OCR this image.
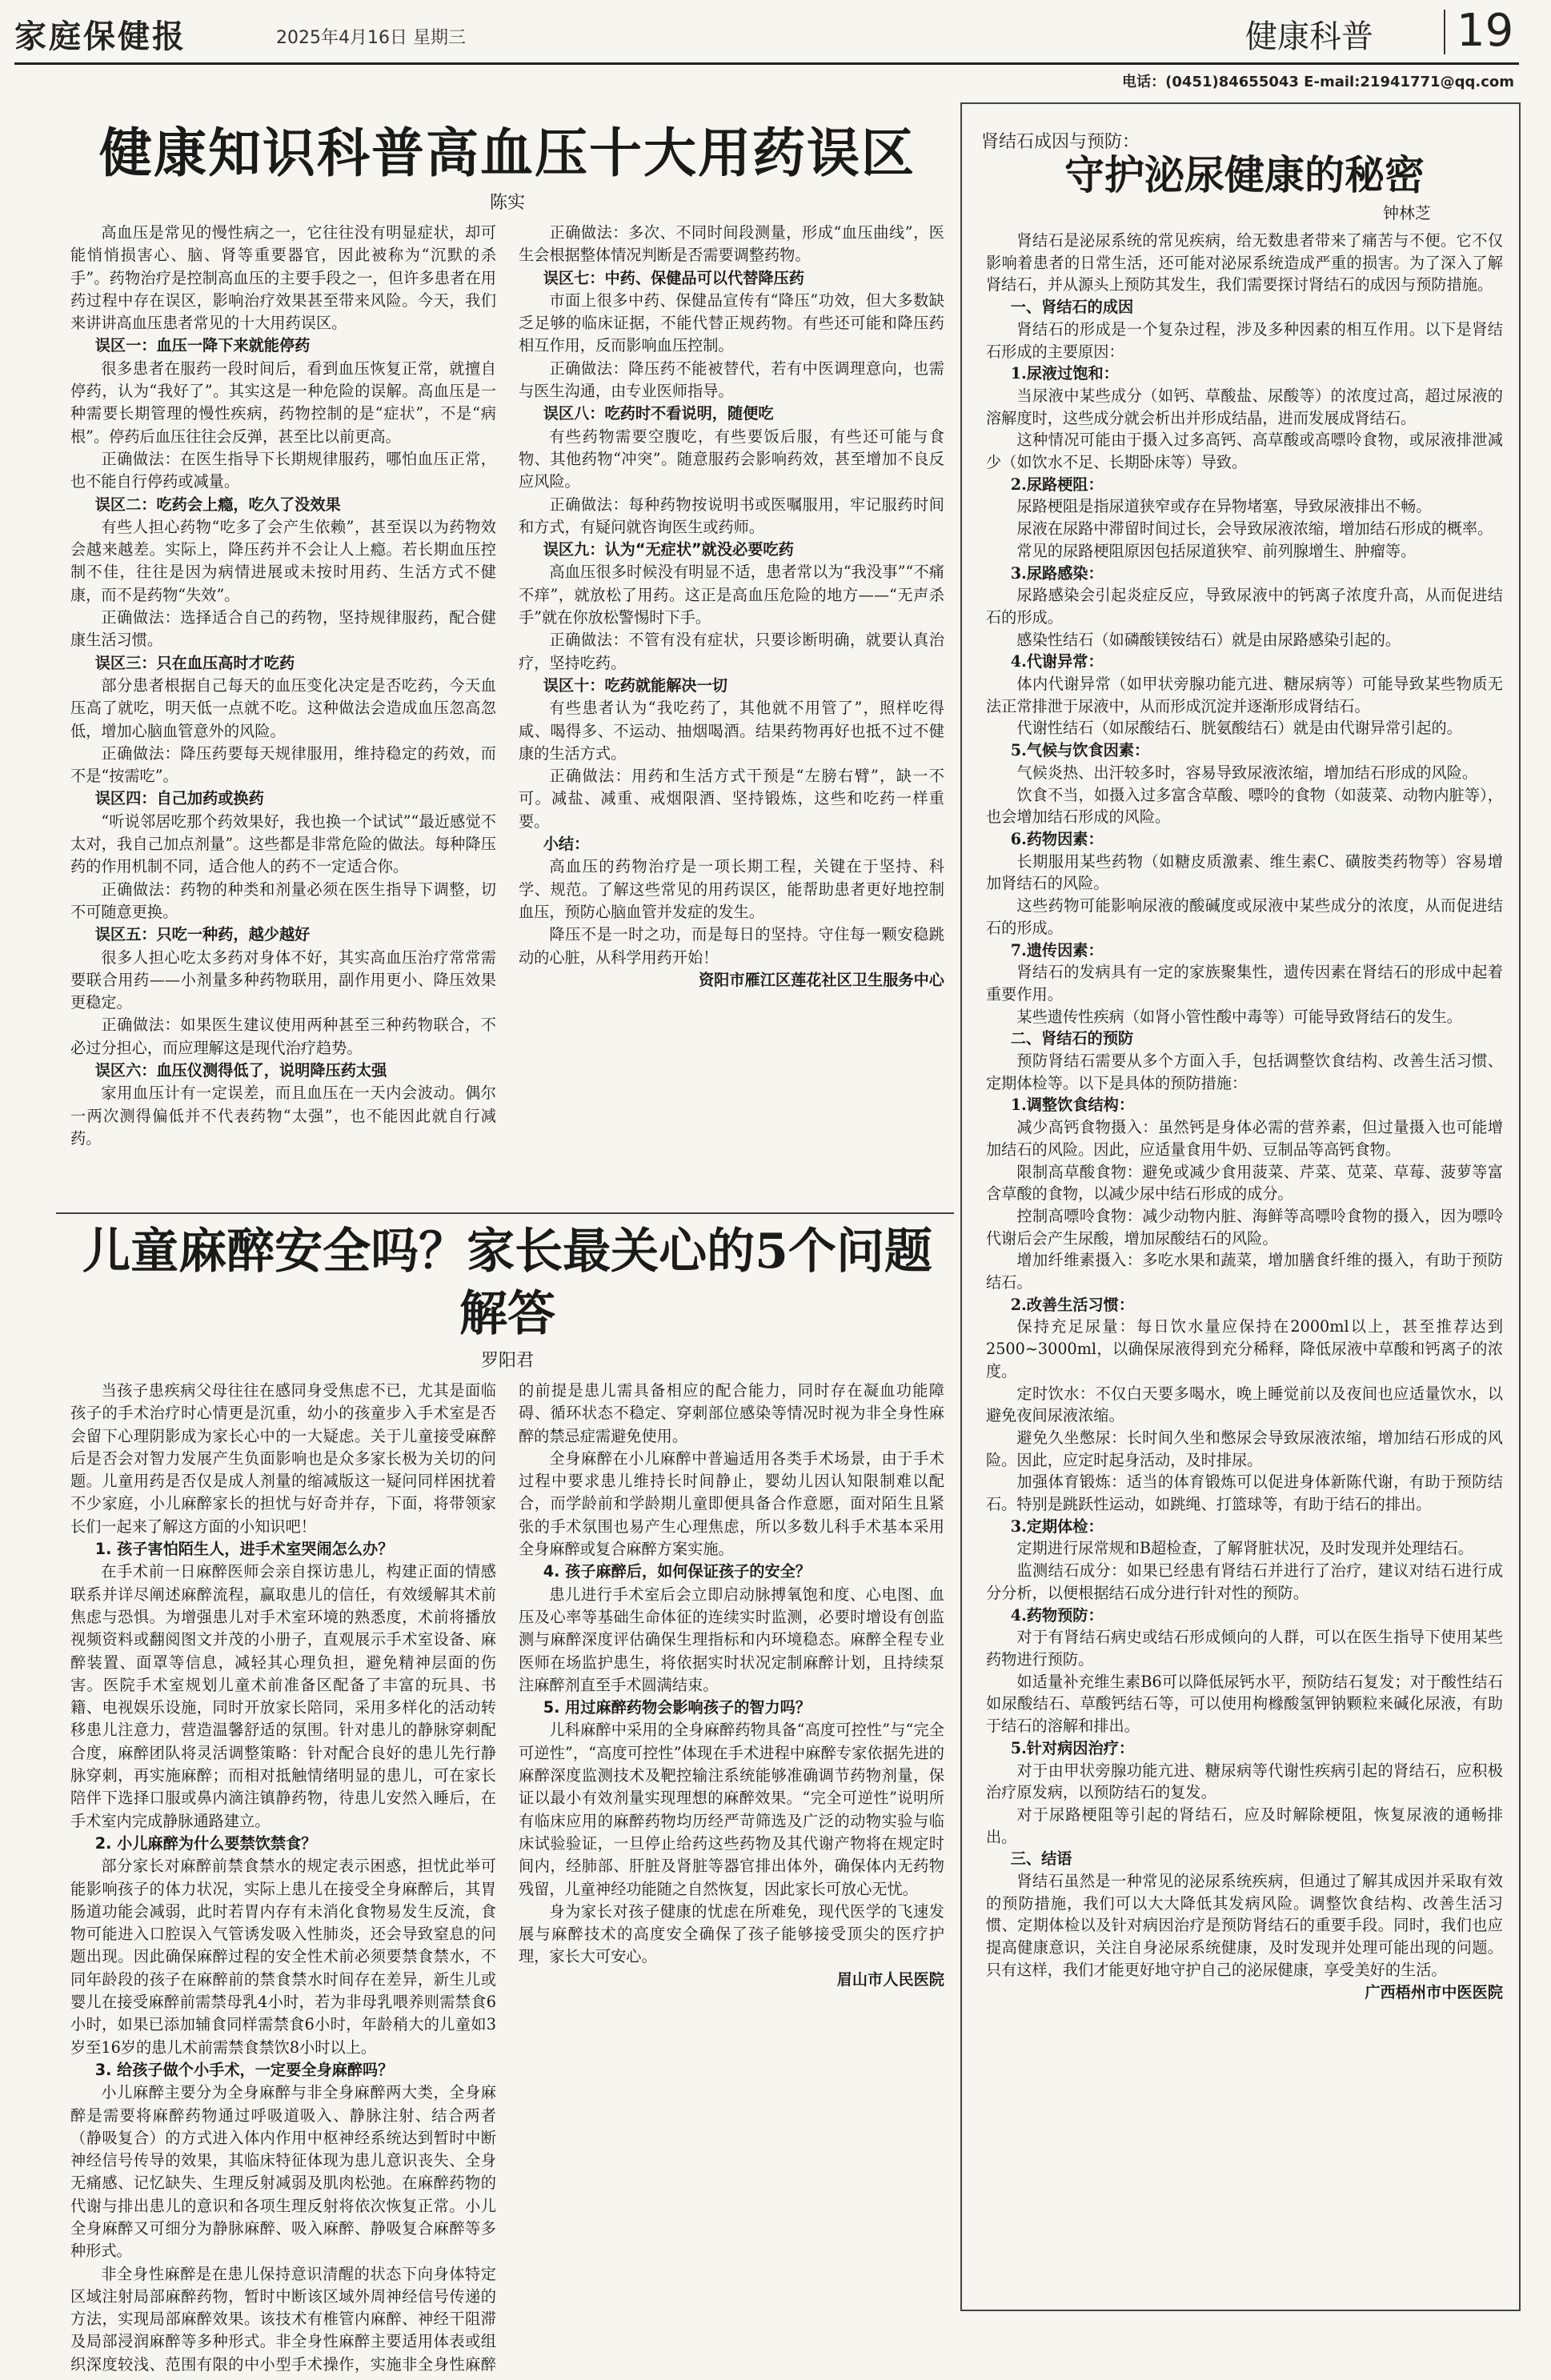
家庭保健报	2025年4月16日 星期三	健康科普 19
电话：(0451)84655043 E-mail:21941771@qq.com
健康知识科普高血压十大用药误区
陈实

高血压是常见的慢性病之一，它往往没有明显症状，却可能悄悄损害心、脑、肾等重要器官，因此被称为“沉默的杀手”。药物治疗是控制高血压的主要手段之一，但许多患者在用药过程中存在误区，影响治疗效果甚至带来风险。今天，我们来讲讲高血压患者常见的十大用药误区。

误区一：血压一降下来就能停药

很多患者在服药一段时间后，看到血压恢复正常，就擅自停药，认为“我好了”。其实这是一种危险的误解。高血压是一种需要长期管理的慢性疾病，药物控制的是“症状”，不是“病根”。停药后血压往往会反弹，甚至比以前更高。

正确做法：在医生指导下长期规律服药，哪怕血压正常，也不能自行停药或减量。

误区二：吃药会上瘾，吃久了没效果

有些人担心药物“吃多了会产生依赖”，甚至误以为药物效会越来越差。实际上，降压药并不会让人上瘾。若长期血压控制不佳，往往是因为病情进展或未按时用药、生活方式不健康，而不是药物“失效”。

正确做法：选择适合自己的药物，坚持规律服药，配合健康生活习惯。

误区三：只在血压高时才吃药

部分患者根据自己每天的血压变化决定是否吃药，今天血压高了就吃，明天低一点就不吃。这种做法会造成血压忽高忽低，增加心脑血管意外的风险。

正确做法：降压药要每天规律服用，维持稳定的药效，而不是“按需吃”。

误区四：自己加药或换药

“听说邻居吃那个药效果好，我也换一个试试”“最近感觉不太对，我自己加点剂量”。这些都是非常危险的做法。每种降压药的作用机制不同，适合他人的药不一定适合你。

正确做法：药物的种类和剂量必须在医生指导下调整，切不可随意更换。

误区五：只吃一种药，越少越好

很多人担心吃太多药对身体不好，其实高血压治疗常常需要联合用药——小剂量多种药物联用，副作用更小、降压效果更稳定。

正确做法：如果医生建议使用两种甚至三种药物联合，不必过分担心，而应理解这是现代治疗趋势。

误区六：血压仪测得低了，说明降压药太强

家用血压计有一定误差，而且血压在一天内会波动。偶尔一两次测得偏低并不代表药物“太强”，也不能因此就自行减药。

正确做法：多次、不同时间段测量，形成“血压曲线”，医生会根据整体情况判断是否需要调整药物。

误区七：中药、保健品可以代替降压药

市面上很多中药、保健品宣传有“降压”功效，但大多数缺乏足够的临床证据，不能代替正规药物。有些还可能和降压药相互作用，反而影响血压控制。

正确做法：降压药不能被替代，若有中医调理意向，也需与医生沟通，由专业医师指导。

误区八：吃药时不看说明，随便吃

有些药物需要空腹吃，有些要饭后服，有些还可能与食物、其他药物“冲突”。随意服药会影响药效，甚至增加不良反应风险。

正确做法：每种药物按说明书或医嘱服用，牢记服药时间和方式，有疑问就咨询医生或药师。

误区九：认为“无症状”就没必要吃药

高血压很多时候没有明显不适，患者常以为“我没事”“不痛不痒”，就放松了用药。这正是高血压危险的地方——“无声杀手”就在你放松警惕时下手。

正确做法：不管有没有症状，只要诊断明确，就要认真治疗，坚持吃药。

误区十：吃药就能解决一切

有些患者认为“我吃药了，其他就不用管了”，照样吃得咸、喝得多、不运动、抽烟喝酒。结果药物再好也抵不过不健康的生活方式。

正确做法：用药和生活方式干预是“左膀右臂”，缺一不可。减盐、减重、戒烟限酒、坚持锻炼，这些和吃药一样重要。

小结：

高血压的药物治疗是一项长期工程，关键在于坚持、科学、规范。了解这些常见的用药误区，能帮助患者更好地控制血压，预防心脑血管并发症的发生。

降压不是一时之功，而是每日的坚持。守住每一颗安稳跳动的心脏，从科学用药开始！

资阳市雁江区莲花社区卫生服务中心

儿童麻醉安全吗？家长最关心的5个问题解答
罗阳君

当孩子患疾病父母往往在感同身受焦虑不已，尤其是面临孩子的手术治疗时心情更是沉重，幼小的孩童步入手术室是否会留下心理阴影成为家长心中的一大疑虑。关于儿童接受麻醉后是否会对智力发展产生负面影响也是众多家长极为关切的问题。儿童用药是否仅是成人剂量的缩减版这一疑问同样困扰着不少家庭，小儿麻醉家长的担忧与好奇并存，下面，将带领家长们一起来了解这方面的小知识吧！

1. 孩子害怕陌生人，进手术室哭闹怎么办？

在手术前一日麻醉医师会亲自探访患儿，构建正面的情感联系并详尽阐述麻醉流程，赢取患儿的信任，有效缓解其术前焦虑与恐惧。为增强患儿对手术室环境的熟悉度，术前将播放视频资料或翻阅图文并茂的小册子，直观展示手术室设备、麻醉装置、面罩等信息，减轻其心理负担，避免精神层面的伤害。医院手术室规划儿童术前准备区配备了丰富的玩具、书籍、电视娱乐设施，同时开放家长陪同，采用多样化的活动转移患儿注意力，营造温馨舒适的氛围。针对患儿的静脉穿刺配合度，麻醉团队将灵活调整策略：针对配合良好的患儿先行静脉穿刺，再实施麻醉；而相对抵触情绪明显的患儿，可在家长陪伴下选择口服或鼻内滴注镇静药物，待患儿安然入睡后，在手术室内完成静脉通路建立。

2. 小儿麻醉为什么要禁饮禁食？

部分家长对麻醉前禁食禁水的规定表示困惑，担忧此举可能影响孩子的体力状况，实际上患儿在接受全身麻醉后，其胃肠道功能会减弱，此时若胃内存有未消化食物易发生反流，食物可能进入口腔误入气管诱发吸入性肺炎，还会导致窒息的问题出现。因此确保麻醉过程的安全性术前必须要禁食禁水，不同年龄段的孩子在麻醉前的禁食禁水时间存在差异，新生儿或婴儿在接受麻醉前需禁母乳4小时，若为非母乳喂养则需禁食6小时，如果已添加辅食同样需禁食6小时，年龄稍大的儿童如3岁至16岁的患儿术前需禁食禁饮8小时以上。

3. 给孩子做个小手术，一定要全身麻醉吗？

小儿麻醉主要分为全身麻醉与非全身麻醉两大类，全身麻醉是需要将麻醉药物通过呼吸道吸入、静脉注射、结合两者（静吸复合）的方式进入体内作用中枢神经系统达到暂时中断神经信号传导的效果，其临床特征体现为患儿意识丧失、全身无痛感、记忆缺失、生理反射减弱及肌肉松弛。在麻醉药物的代谢与排出患儿的意识和各项生理反射将依次恢复正常。小儿全身麻醉又可细分为静脉麻醉、吸入麻醉、静吸复合麻醉等多种形式。

非全身性麻醉是在患儿保持意识清醒的状态下向身体特定区域注射局部麻醉药物，暂时中断该区域外周神经信号传递的方法，实现局部麻醉效果。该技术有椎管内麻醉、神经干阻滞及局部浸润麻醉等多种形式。非全身性麻醉主要适用体表或组织深度较浅、范围有限的中小型手术操作，实施非全身性麻醉的前提是患儿需具备相应的配合能力，同时存在凝血功能障碍、循环状态不稳定、穿刺部位感染等情况时视为非全身性麻醉的禁忌症需避免使用。

全身麻醉在小儿麻醉中普遍适用各类手术场景，由于手术过程中要求患儿维持长时间静止，婴幼儿因认知限制难以配合，而学龄前和学龄期儿童即便具备合作意愿，面对陌生且紧张的手术氛围也易产生心理焦虑，所以多数儿科手术基本采用全身麻醉或复合麻醉方案实施。

4. 孩子麻醉后，如何保证孩子的安全？

患儿进行手术室后会立即启动脉搏氧饱和度、心电图、血压及心率等基础生命体征的连续实时监测，必要时增设有创监测与麻醉深度评估确保生理指标和内环境稳态。麻醉全程专业医师在场监护患生，将依据实时状况定制麻醉计划，且持续泵注麻醉剂直至手术圆满结束。

5. 用过麻醉药物会影响孩子的智力吗？

儿科麻醉中采用的全身麻醉药物具备“高度可控性”与“完全可逆性”，“高度可控性”体现在手术进程中麻醉专家依据先进的麻醉深度监测技术及靶控输注系统能够准确调节药物剂量，保证以最小有效剂量实现理想的麻醉效果。“完全可逆性”说明所有临床应用的麻醉药物均历经严苛筛选及广泛的动物实验与临床试验验证，一旦停止给药这些药物及其代谢产物将在规定时间内，经肺部、肝脏及肾脏等器官排出体外，确保体内无药物残留，儿童神经功能随之自然恢复，因此家长可放心无忧。

身为家长对孩子健康的忧虑在所难免，现代医学的飞速发展与麻醉技术的高度安全确保了孩子能够接受顶尖的医疗护理，家长大可安心。

眉山市人民医院

肾结石成因与预防：
守护泌尿健康的秘密
钟林芝

肾结石是泌尿系统的常见疾病，给无数患者带来了痛苦与不便。它不仅影响着患者的日常生活，还可能对泌尿系统造成严重的损害。为了深入了解肾结石，并从源头上预防其发生，我们需要探讨肾结石的成因与预防措施。

一、肾结石的成因

肾结石的形成是一个复杂过程，涉及多种因素的相互作用。以下是肾结石形成的主要原因：

1.尿液过饱和：

当尿液中某些成分（如钙、草酸盐、尿酸等）的浓度过高，超过尿液的溶解度时，这些成分就会析出并形成结晶，进而发展成肾结石。

这种情况可能由于摄入过多高钙、高草酸或高嘌呤食物，或尿液排泄减少（如饮水不足、长期卧床等）导致。

2.尿路梗阻：

尿路梗阻是指尿道狭窄或存在异物堵塞，导致尿液排出不畅。

尿液在尿路中滞留时间过长，会导致尿液浓缩，增加结石形成的概率。

常见的尿路梗阻原因包括尿道狭窄、前列腺增生、肿瘤等。

3.尿路感染：

尿路感染会引起炎症反应，导致尿液中的钙离子浓度升高，从而促进结石的形成。

感染性结石（如磷酸镁铵结石）就是由尿路感染引起的。

4.代谢异常：

体内代谢异常（如甲状旁腺功能亢进、糖尿病等）可能导致某些物质无法正常排泄于尿液中，从而形成沉淀并逐渐形成肾结石。

代谢性结石（如尿酸结石、胱氨酸结石）就是由代谢异常引起的。

5.气候与饮食因素：

气候炎热、出汗较多时，容易导致尿液浓缩，增加结石形成的风险。

饮食不当，如摄入过多富含草酸、嘌呤的食物（如菠菜、动物内脏等），也会增加结石形成的风险。

6.药物因素：

长期服用某些药物（如糖皮质激素、维生素C、磺胺类药物等）容易增加肾结石的风险。

这些药物可能影响尿液的酸碱度或尿液中某些成分的浓度，从而促进结石的形成。

7.遗传因素：

肾结石的发病具有一定的家族聚集性，遗传因素在肾结石的形成中起着重要作用。

某些遗传性疾病（如肾小管性酸中毒等）可能导致肾结石的发生。

二、肾结石的预防

预防肾结石需要从多个方面入手，包括调整饮食结构、改善生活习惯、定期体检等。以下是具体的预防措施：

1.调整饮食结构：

减少高钙食物摄入：虽然钙是身体必需的营养素，但过量摄入也可能增加结石的风险。因此，应适量食用牛奶、豆制品等高钙食物。

限制高草酸食物：避免或减少食用菠菜、芹菜、苋菜、草莓、菠萝等富含草酸的食物，以减少尿中结石形成的成分。

控制高嘌呤食物：减少动物内脏、海鲜等高嘌呤食物的摄入，因为嘌呤代谢后会产生尿酸，增加尿酸结石的风险。

增加纤维素摄入：多吃水果和蔬菜，增加膳食纤维的摄入，有助于预防结石。

2.改善生活习惯：

保持充足尿量：每日饮水量应保持在2000ml以上，甚至推荐达到2500~3000ml，以确保尿液得到充分稀释，降低尿液中草酸和钙离子的浓度。

定时饮水：不仅白天要多喝水，晚上睡觉前以及夜间也应适量饮水，以避免夜间尿液浓缩。

避免久坐憋尿：长时间久坐和憋尿会导致尿液浓缩，增加结石形成的风险。因此，应定时起身活动，及时排尿。

加强体育锻炼：适当的体育锻炼可以促进身体新陈代谢，有助于预防结石。特别是跳跃性运动，如跳绳、打篮球等，有助于结石的排出。

3.定期体检：

定期进行尿常规和B超检查，了解肾脏状况，及时发现并处理结石。

监测结石成分：如果已经患有肾结石并进行了治疗，建议对结石进行成分分析，以便根据结石成分进行针对性的预防。

4.药物预防：

对于有肾结石病史或结石形成倾向的人群，可以在医生指导下使用某些药物进行预防。

如适量补充维生素B6可以降低尿钙水平，预防结石复发；对于酸性结石如尿酸结石、草酸钙结石等，可以使用枸橼酸氢钾钠颗粒来碱化尿液，有助于结石的溶解和排出。

5.针对病因治疗：

对于由甲状旁腺功能亢进、糖尿病等代谢性疾病引起的肾结石，应积极治疗原发病，以预防结石的复发。

对于尿路梗阻等引起的肾结石，应及时解除梗阻，恢复尿液的通畅排出。

三、结语

肾结石虽然是一种常见的泌尿系统疾病，但通过了解其成因并采取有效的预防措施，我们可以大大降低其发病风险。调整饮食结构、改善生活习惯、定期体检以及针对病因治疗是预防肾结石的重要手段。同时，我们也应提高健康意识，关注自身泌尿系统健康，及时发现并处理可能出现的问题。只有这样，我们才能更好地守护自己的泌尿健康，享受美好的生活。

广西梧州市中医医院
